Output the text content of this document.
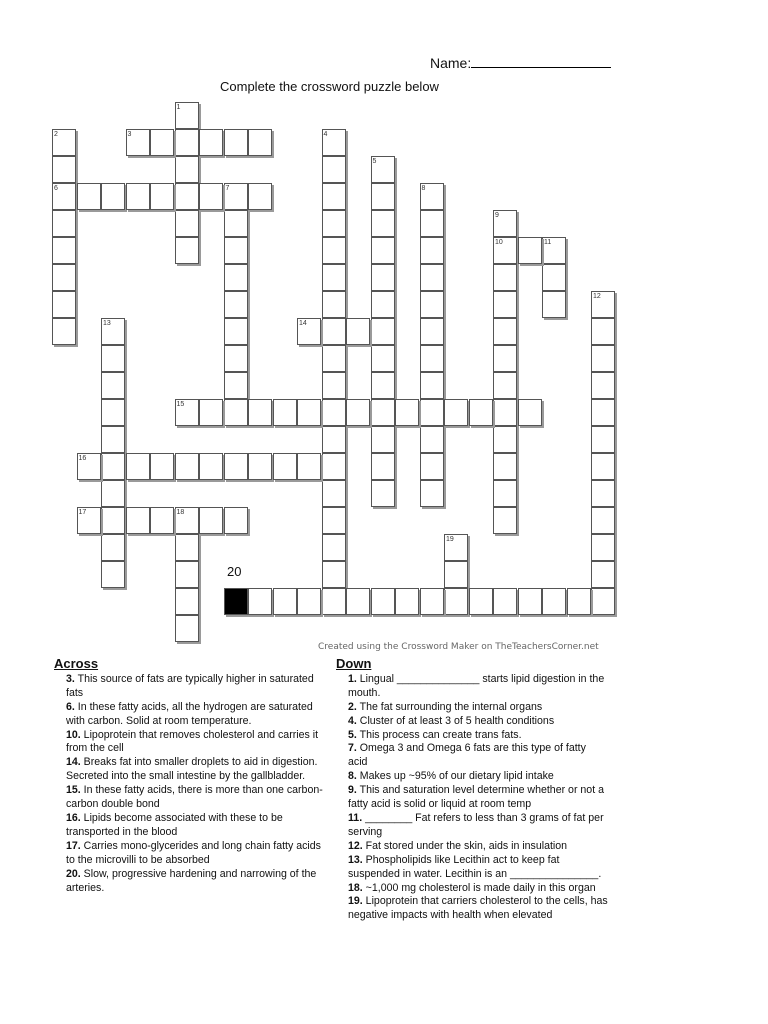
Name:
Complete the crossword puzzle below
1
2	3	4
5
6	7	8
9
10	11
12
13	14
15
16
17	18
19
20
Created using the Crossword Maker on TheTeachersCorner.net
Across

3. This source of fats are typically higher in saturated fats

6. In these fatty acids, all the hydrogen are saturated with carbon. Solid at room temperature.

10. Lipoprotein that removes cholesterol and carries it from the cell

14. Breaks fat into smaller droplets to aid in digestion. Secreted into the small intestine by the gallbladder.

15. In these fatty acids, there is more than one carbon-carbon double bond

16. Lipids become associated with these to be transported in the blood

17. Carries mono-glycerides and long chain fatty acids to the microvilli to be absorbed

20. Slow, progressive hardening and narrowing of the arteries.

Down

1. Lingual ______________ starts lipid digestion in the mouth.

2. The fat surrounding the internal organs

4. Cluster of at least 3 of 5 health conditions

5. This process can create trans fats.

7. Omega 3 and Omega 6 fats are this type of fatty acid

8. Makes up ~95% of our dietary lipid intake

9. This and saturation level determine whether or not a fatty acid is solid or liquid at room temp

11. ________ Fat refers to less than 3 grams of fat per serving

12. Fat stored under the skin, aids in insulation

13. Phospholipids like Lecithin act to keep fat suspended in water. Lecithin is an _______________.

18. ~1,000 mg cholesterol is made daily in this organ

19. Lipoprotein that carriers cholesterol to the cells, has negative impacts with health when elevated
